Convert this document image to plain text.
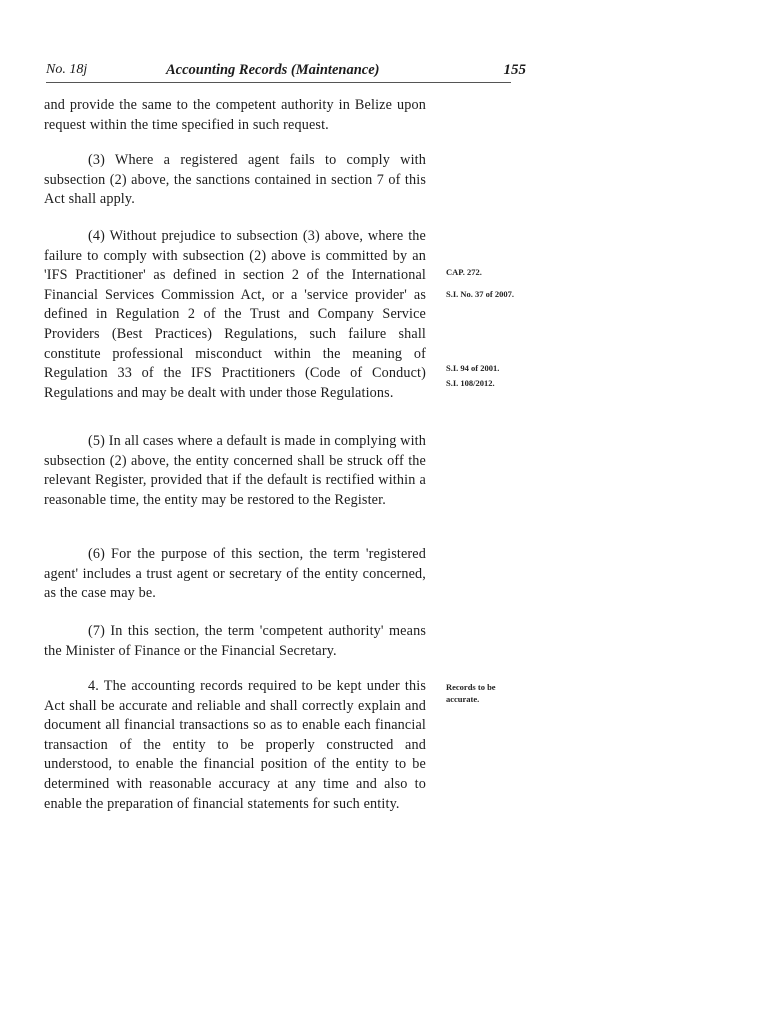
No. 18j	Accounting Records (Maintenance)	155

and provide the same to the competent authority in Belize upon request within the time specified in such request.

(3) Where a registered agent fails to comply with subsection (2) above, the sanctions contained in section 7 of this Act shall apply.

(4) Without prejudice to subsection (3) above, where the failure to comply with subsection (2) above is committed by an 'IFS Practitioner' as defined in section 2 of the International Financial Services Commission Act, or a 'service provider' as defined in Regulation 2 of the Trust and Company Service Providers (Best Practices) Regulations, such failure shall constitute professional misconduct within the meaning of Regulation 33 of the IFS Practitioners (Code of Conduct) Regulations and may be dealt with under those Regulations.

(5) In all cases where a default is made in complying with subsection (2) above, the entity concerned shall be struck off the relevant Register, provided that if the default is rectified within a reasonable time, the entity may be restored to the Register.

(6) For the purpose of this section, the term 'registered agent' includes a trust agent or secretary of the entity concerned, as the case may be.

(7) In this section, the term 'competent authority' means the Minister of Finance or the Financial Secretary.

4. The accounting records required to be kept under this Act shall be accurate and reliable and shall correctly explain and document all financial transactions so as to enable each financial transaction of the entity to be properly constructed and understood, to enable the financial position of the entity to be determined with reasonable accuracy at any time and also to enable the preparation of financial statements for such entity.

CAP. 272.
S.I. No. 37 of 2007.
S.I. 94 of 2001.
S.I. 108/2012.
Records to be accurate.
